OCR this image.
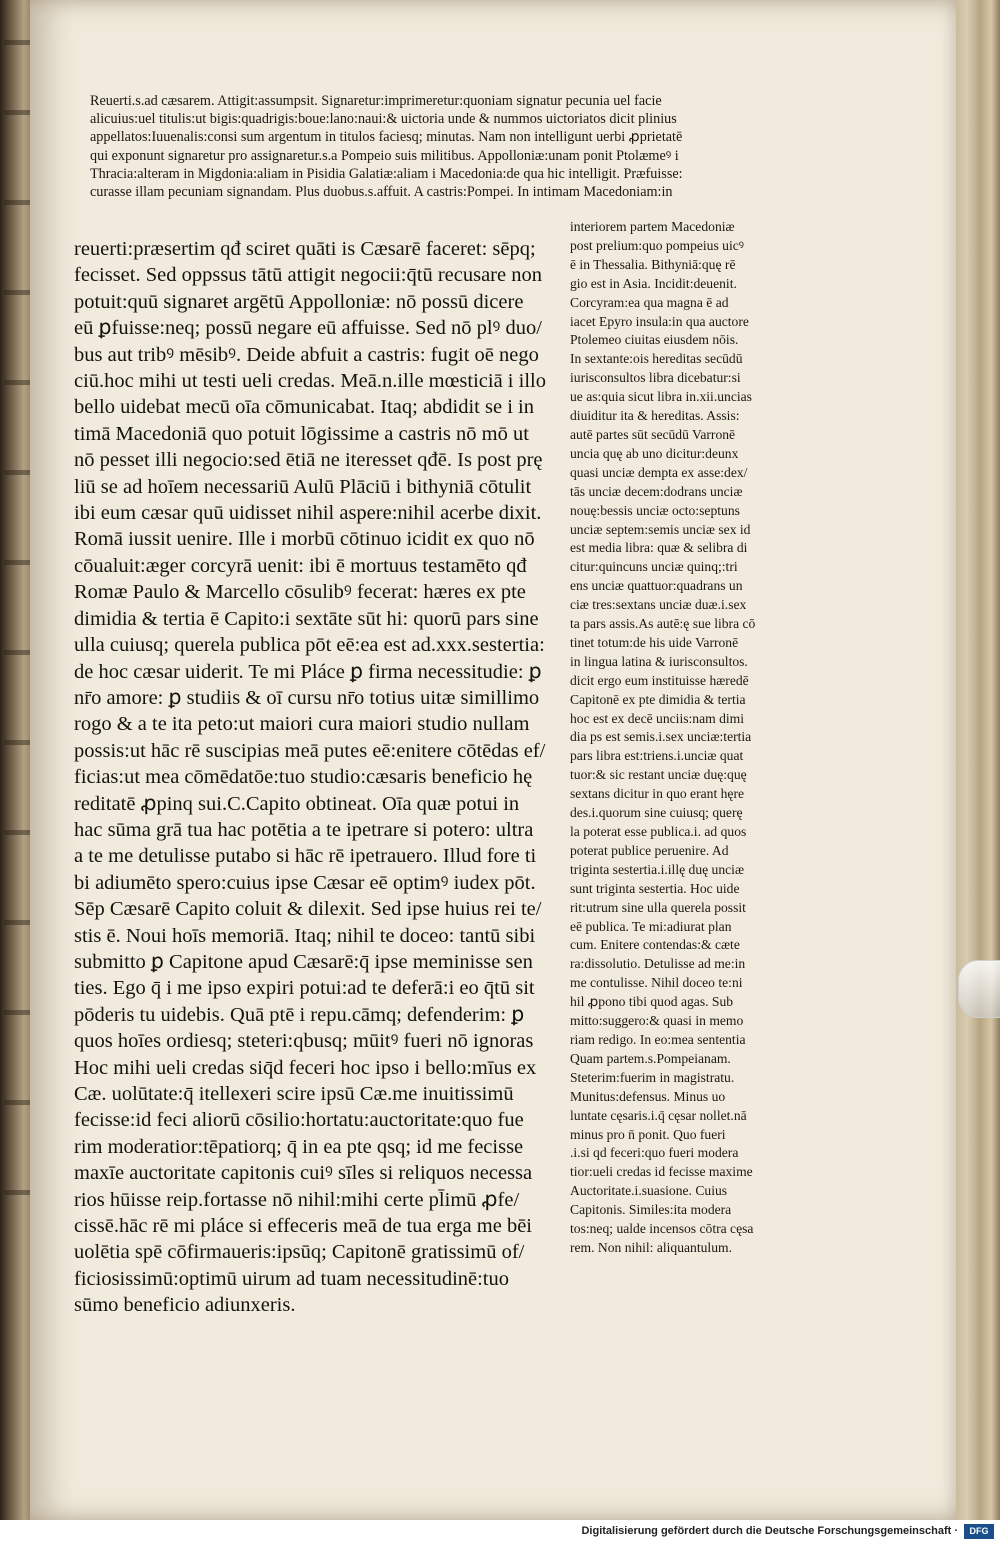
Reuerti.s.ad cæsarem. Attigit:assumpsit. Signaretur:imprimeretur:quoniam signatur pecunia uel facie
alicuius:uel titulis:ut bigis:quadrigis:boue:lano:naui:& uictoria unde & nummos uictoriatos dicit plinius
appellatos:Iuuenalis:consi sum argentum in titulos faciesq; minutas. Nam non intelligunt uerbi ꝓprietatē
qui exponunt signaretur pro assignaretur.s.a Pompeio suis militibus. Appolloniæ:unam ponit Ptolæmeꝰ i
Thracia:alteram in Migdonia:aliam in Pisidia Galatiæ:aliam i Macedonia:de qua hic intelligit. Præfuisse:
curasse illam pecuniam signandam. Plus duobus.s.affuit. A castris:Pompei. In intimam Macedoniam:in
reuerti:præsertim qđ sciret quāti is Cæsarē faceret: sēpq;
fecisset. Sed oppssus tātū attigit negocii:q̄tū recusare non
potuit:quū signareŧ argētū Appolloniæ: nō possū dicere
eū ꝑfuisse:neq; possū negare eū affuisse. Sed nō plꝰ duo/
bus aut tribꝰ mēsibꝰ. Deide abfuit a castris: fugit oē nego
ciū.hoc mihi ut testi ueli credas. Meā.n.ille mœsticiā i illo
bello uidebat mecū oīa cōmunicabat. Itaq; abdidit se i in
timā Macedoniā quo potuit lōgissime a castris nō mō ut
nō pesset illi negocio:sed ētiā ne iteresset qđē. Is post prę
liū se ad hoīem necessariū Aulū Plāciū i bithyniā cōtulit
ibi eum cæsar quū uidisset nihil aspere:nihil acerbe dixit.
Romā iussit uenire. Ille i morbū cōtinuo icidit ex quo nō
cōualuit:æger corcyrā uenit: ibi ē mortuus testamēto qđ
Romæ Paulo & Marcello cōsulibꝰ fecerat: hæres ex pte
dimidia & tertia ē Capito:i sextāte sūt hi: quorū pars sine
ulla cuiusq; querela publica pōt eē:ea est ad.xxx.sestertia:
de hoc cæsar uiderit. Te mi Pláce ꝑ firma necessitudie: ꝑ
nr̄o amore: ꝑ studiis & oī cursu nr̄o totius uitæ simillimo
rogo & a te ita peto:ut maiori cura maiori studio nullam
possis:ut hāc rē suscipias meā putes eē:enitere cōtēdas ef/
ficias:ut mea cōmēdatōe:tuo studio:cæsaris beneficio hę
reditatē ꝓpinq sui.C.Capito obtineat. Oīa quæ potui in
hac sūma grā tua hac potētia a te ipetrare si potero: ultra
a te me detulisse putabo si hāc rē ipetrauero. Illud fore ti
bi adiumēto spero:cuius ipse Cæsar eē optimꝰ iudex pōt.
Sēp Cæsarē Capito coluit & dilexit. Sed ipse huius rei te/
stis ē. Noui hoīs memoriā. Itaq; nihil te doceo: tantū sibi
submitto ꝑ Capitone apud Cæsarē:q̄ ipse meminisse sen
ties. Ego q̄ i me ipso expiri potui:ad te deferā:i eo q̄tū sit
pōderis tu uidebis. Quā ptē i repu.cāmq; defenderim: ꝑ
quos hoīes ordiesq; steteri:qbusq; mūitꝰ fueri nō ignoras
Hoc mihi ueli credas siq̄d feceri hoc ipso i bello:mīus ex
Cæ. uolūtate:q̄ itellexeri scire ipsū Cæ.me inuitissimū
fecisse:id feci aliorū cōsilio:hortatu:auctoritate:quo fue
rim moderatior:tēpatiorq; q̄ in ea pte qsq; id me fecisse
maxīe auctoritate capitonis cuiꝰ sīles si reliquos necessa
rios hūisse reip.fortasse nō nihil:mihi certe pl̄imū ꝓfe/
cissē.hāc rē mi pláce si effeceris meā de tua erga me bēi
uolētia spē cōfirmaueris:ipsūq; Capitonē gratissimū of/
ficiosissimū:optimū uirum ad tuam necessitudinē:tuo
sūmo beneficio adiunxeris.
interiorem partem Macedoniæ
post prelium:quo pompeius uicꝰ
ē in Thessalia. Bithyniā:quę rē
gio est in Asia. Incidit:deuenit.
Corcyram:ea qua magna ē ad
iacet Epyro insula:in qua auctore
Ptolemeo ciuitas eiusdem nōis.
In sextante:ois hereditas secūdū
iurisconsultos libra dicebatur:si
ue as:quia sicut libra in.xii.uncias
diuiditur ita & hereditas. Assis:
autē partes sūt secūdū Varronē
uncia quę ab uno dicitur:deunx
quasi unciæ dempta ex asse:dex/
tās unciæ decem:dodrans unciæ
nouę:bessis unciæ octo:septuns
unciæ septem:semis unciæ sex id
est media libra: quæ & selibra di
citur:quincuns unciæ quinq;:tri
ens unciæ quattuor:quadrans un
ciæ tres:sextans unciæ duæ.i.sex
ta pars assis.As autē:ę sue libra cō
tinet totum:de his uide Varronē
in lingua latina & iurisconsultos.
dicit ergo eum instituisse hæredē
Capitonē ex pte dimidia & tertia
hoc est ex decē unciis:nam dimi
dia ps est semis.i.sex unciæ:tertia
pars libra est:triens.i.unciæ quat
tuor:& sic restant unciæ duę:quę
sextans dicitur in quo erant hęre
des.i.quorum sine cuiusq; querę
la poterat esse publica.i. ad quos
poterat publice peruenire. Ad
triginta sestertia.i.illę duę unciæ
sunt triginta sestertia. Hoc uide
rit:utrum sine ulla querela possit
eē publica. Te mi:adiurat plan
cum. Enitere contendas:& cæte
ra:dissolutio. Detulisse ad me:in
me contulisse. Nihil doceo te:ni
hil ꝓpono tibi quod agas. Sub
mitto:suggero:& quasi in memo
riam redigo. In eo:mea sententia
Quam partem.s.Pompeianam.
Steterim:fuerim in magistratu.
Munitus:defensus. Minus uo
luntate cęsaris.i.q̄ cęsar nollet.nā
minus pro n̄ ponit. Quo fueri
.i.si qd feceri:quo fueri modera
tior:ueli credas id fecisse maxime
Auctoritate.i.suasione. Cuius
Capitonis. Similes:ita modera
tos:neq; ualde incensos cōtra cęsa
rem. Non nihil: aliquantulum.
Digitalisierung gefördert durch die Deutsche Forschungsgemeinschaft ·	DFG
